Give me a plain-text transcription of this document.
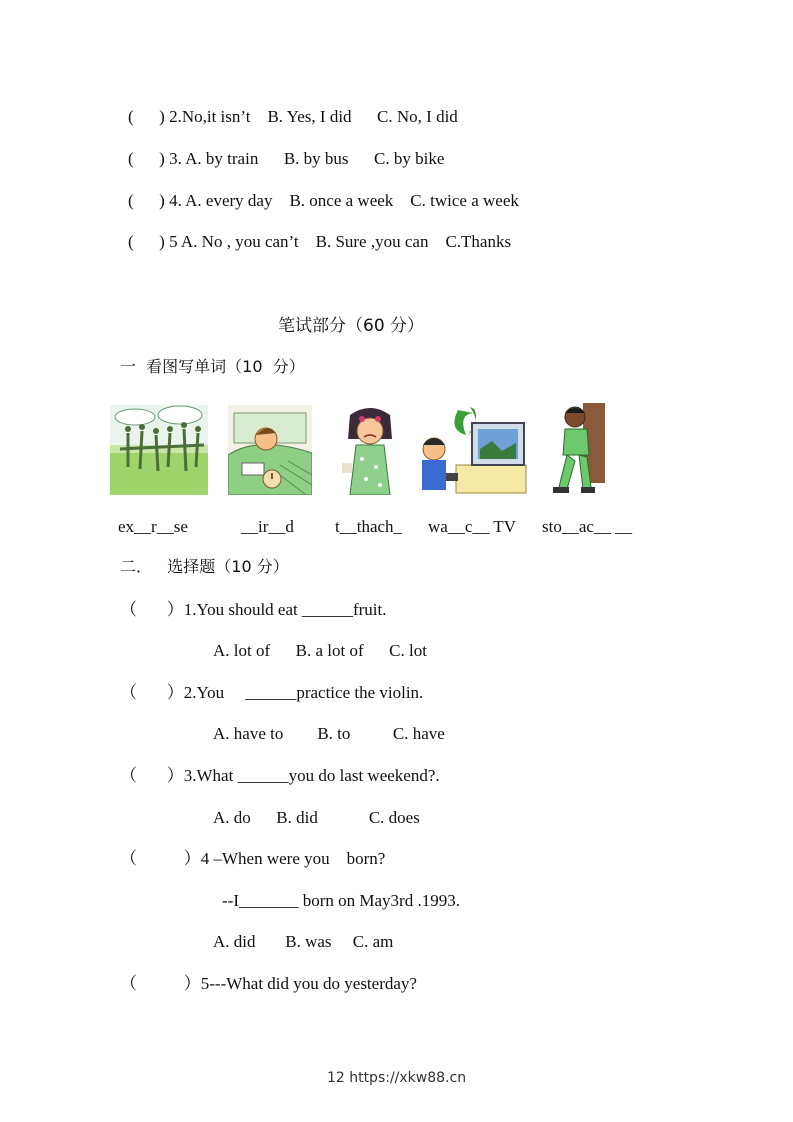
(      ) 2.No,it isn’t    B. Yes, I did      C. No, I did
(      ) 3. A. by train      B. by bus      C. by bike
(      ) 4. A. every day    B. once a week    C. twice a week
(      ) 5 A. No , you can’t    B. Sure ,you can    C.Thanks
笔试部分（60 分）
一  看图写单词（10  分）
ex__r__se	__ir__d t__thach_ wa__c__ TV sto__ac__ __
二．   选择题（10 分）
（       ）1.You should eat ______fruit.
A. lot of      B. a lot of      C. lot
（       ）2.You     ______practice the violin.
A. have to        B. to          C. have
（       ）3.What ______you do last weekend?.
A. do      B. did            C. does
（           ）4 –When were you    born?
--I_______ born on May3rd .1993.
A. did       B. was     C. am
（           ）5---What did you do yesterday?
12 https://xkw88.cn
